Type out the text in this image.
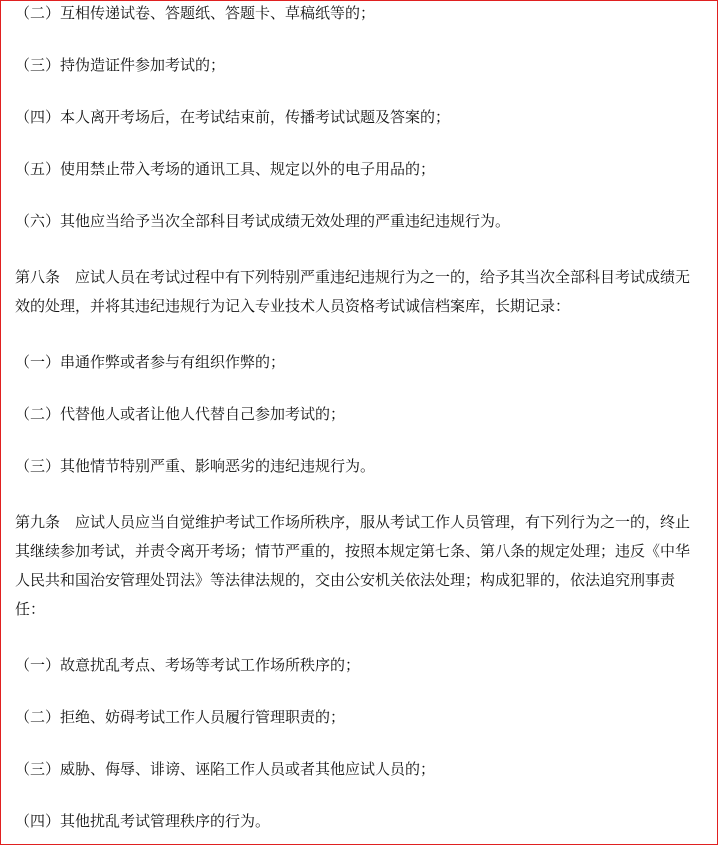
（二）互相传递试卷、答题纸、答题卡、草稿纸等的；

（三）持伪造证件参加考试的；

（四）本人离开考场后，在考试结束前，传播考试试题及答案的；

（五）使用禁止带入考场的通讯工具、规定以外的电子用品的；

（六）其他应当给予当次全部科目考试成绩无效处理的严重违纪违规行为。

第八条　应试人员在考试过程中有下列特别严重违纪违规行为之一的，给予其当次全部科目考试成绩无效的处理，并将其违纪违规行为记入专业技术人员资格考试诚信档案库，长期记录：

（一）串通作弊或者参与有组织作弊的；

（二）代替他人或者让他人代替自己参加考试的；

（三）其他情节特别严重、影响恶劣的违纪违规行为。

第九条　应试人员应当自觉维护考试工作场所秩序，服从考试工作人员管理，有下列行为之一的，终止其继续参加考试，并责令离开考场；情节严重的，按照本规定第七条、第八条的规定处理；违反《中华人民共和国治安管理处罚法》等法律法规的，交由公安机关依法处理；构成犯罪的，依法追究刑事责任：

（一）故意扰乱考点、考场等考试工作场所秩序的；

（二）拒绝、妨碍考试工作人员履行管理职责的；

（三）威胁、侮辱、诽谤、诬陷工作人员或者其他应试人员的；

（四）其他扰乱考试管理秩序的行为。
